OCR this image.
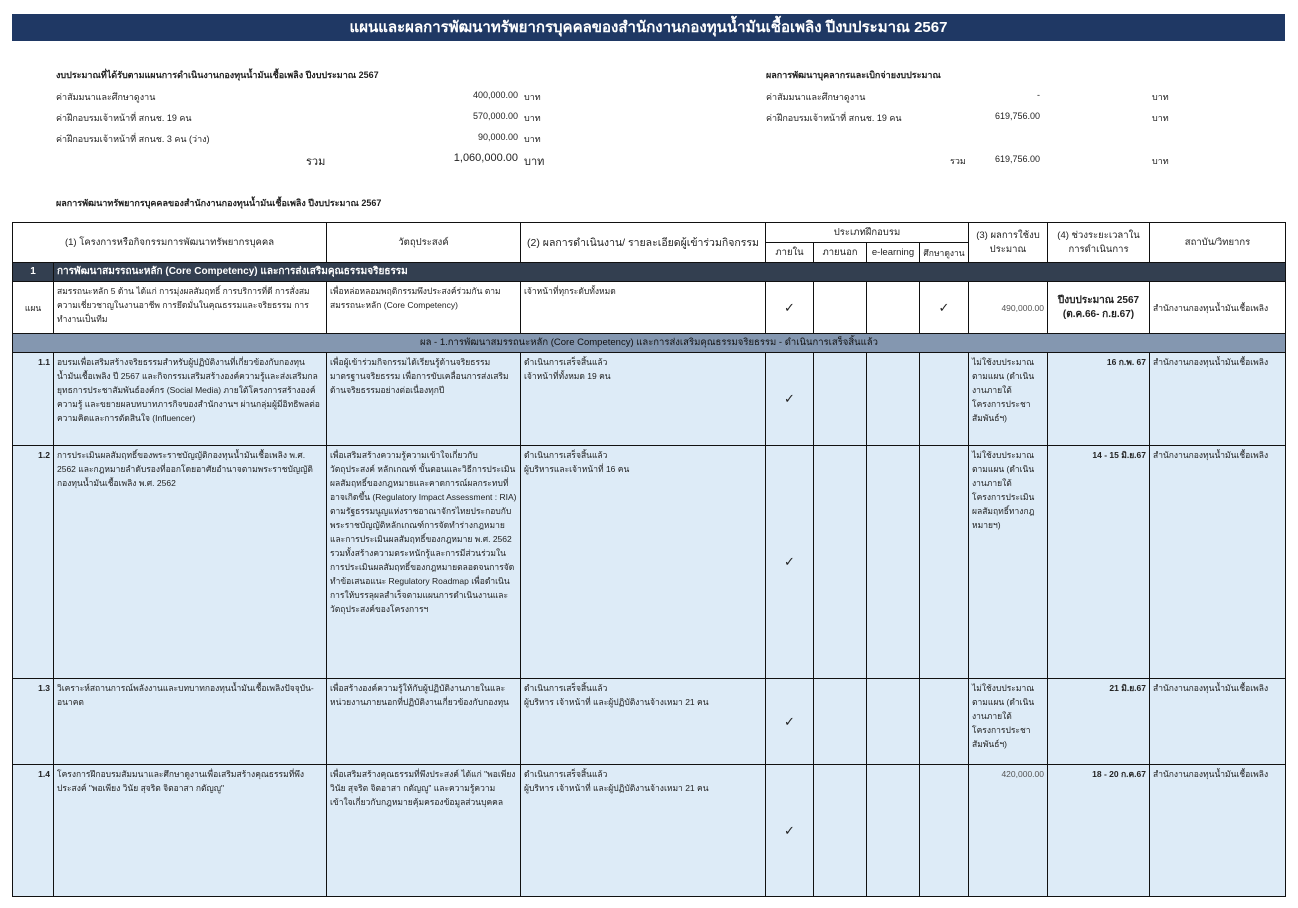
แผนและผลการพัฒนาทรัพยากรบุคคลของสำนักงานกองทุนน้ำมันเชื้อเพลิง ปีงบประมาณ 2567
งบประมาณที่ได้รับตามแผนการดำเนินงานกองทุนน้ำมันเชื้อเพลิง ปีงบประมาณ 2567
ค่าสัมมนาและศึกษาดูงาน	400,000.00 บาท
ค่าฝึกอบรมเจ้าหน้าที่ สกนช. 19 คน	570,000.00 บาท
ค่าฝึกอบรมเจ้าหน้าที่ สกนช. 3 คน (ว่าง)	90,000.00 บาท
รวม	1,060,000.00 บาท
ผลการพัฒนาบุคลากรและเบิกจ่ายงบประมาณ
ค่าสัมมนาและศึกษาดูงาน	-	บาท
ค่าฝึกอบรมเจ้าหน้าที่ สกนช. 19 คน	619,756.00	บาท
รวม	619,756.00	บาท
ผลการพัฒนาทรัพยากรบุคคลของสำนักงานกองทุนน้ำมันเชื้อเพลิง ปีงบประมาณ 2567
(1) โครงการหรือกิจกรรมการพัฒนาทรัพยากรบุคคล		วัตถุประสงค์	(2) ผลการดำเนินงาน/ รายละเอียดผู้เข้าร่วมกิจกรรม	ประเภทฝึกอบรม				(3) ผลการใช้งบประมาณ	(4) ช่วงระยะเวลาในการดำเนินการ	สถาบัน/วิทยากร
				ภายใน	ภายนอก	e-learning	ศึกษาดูงาน			
1	การพัฒนาสมรรถนะหลัก (Core Competency) และการส่งเสริมคุณธรรมจริยธรรม									
แผน	สมรรถนะหลัก 5 ด้าน ได้แก่ การมุ่งผลสัมฤทธิ์ การบริการที่ดี การสั่งสมความเชี่ยวชาญในงานอาชีพ การยึดมั่นในคุณธรรมและจริยธรรม การทำงานเป็นทีม	เพื่อหล่อหลอมพฤติกรรมพึงประสงค์ร่วมกัน ตามสมรรถนะหลัก (Core Competency)	เจ้าหน้าที่ทุกระดับทั้งหมด	✓			✓	490,000.00	ปีงบประมาณ 2567 (ต.ค.66- ก.ย.67)	สำนักงานกองทุนน้ำมันเชื้อเพลิง
ผล - 1.การพัฒนาสมรรถนะหลัก (Core Competency) และการส่งเสริมคุณธรรมจริยธรรม - ดำเนินการเสร็จสิ้นแล้ว										
1.1	อบรมเพื่อเสริมสร้างจริยธรรมสำหรับผู้ปฏิบัติงานที่เกี่ยวข้องกับกองทุนน้ำมันเชื้อเพลิง ปี 2567 และกิจกรรมเสริมสร้างองค์ความรู้และส่งเสริมกลยุทธการประชาสัมพันธ์องค์กร (Social Media) ภายใต้โครงการสร้างองค์ความรู้ และขยายผลบทบาทภารกิจของสำนักงานฯ ผ่านกลุ่มผู้มีอิทธิพลต่อความคิดและการตัดสินใจ (Influencer)	เพื่อผู้เข้าร่วมกิจกรรมได้เรียนรู้ด้านจริยธรรม มาตรฐานจริยธรรม เพื่อการขับเคลื่อนการส่งเสริมด้านจริยธรรมอย่างต่อเนื่องทุกปี	ดำเนินการเสร็จสิ้นแล้ว
เจ้าหน้าที่ทั้งหมด 19 คน	✓				ไม่ใช้งบประมาณตามแผน (ดำเนินงานภายใต้โครงการประชาสัมพันธ์ฯ)	16 ก.พ. 67	สำนักงานกองทุนน้ำมันเชื้อเพลิง
1.2	การประเมินผลสัมฤทธิ์ของพระราชบัญญัติกองทุนน้ำมันเชื้อเพลิง พ.ศ. 2562 และกฎหมายลำดับรองที่ออกโดยอาศัยอำนาจตามพระราชบัญญัติกองทุนน้ำมันเชื้อเพลิง พ.ศ. 2562	เพื่อเสริมสร้างความรู้ความเข้าใจเกี่ยวกับวัตถุประสงค์ หลักเกณฑ์ ขั้นตอนและวิธีการประเมินผลสัมฤทธิ์ของกฎหมายและคาดการณ์ผลกระทบที่อาจเกิดขึ้น (Regulatory Impact Assessment : RIA) ตามรัฐธรรมนูญแห่งราชอาณาจักรไทยประกอบกับพระราชบัญญัติหลักเกณฑ์การจัดทำร่างกฎหมายและการประเมินผลสัมฤทธิ์ของกฎหมาย พ.ศ. 2562 รวมทั้งสร้างความตระหนักรู้และการมีส่วนร่วมในการประเมินผลสัมฤทธิ์ของกฎหมายตลอดจนการจัดทำข้อเสนอแนะ Regulatory Roadmap เพื่อดำเนินการให้บรรลุผลสำเร็จตามแผนการดำเนินงานและวัตถุประสงค์ของโครงการฯ	ดำเนินการเสร็จสิ้นแล้ว
ผู้บริหารและเจ้าหน้าที่ 16 คน	✓				ไม่ใช้งบประมาณตามแผน (ดำเนินงานภายใต้โครงการประเมินผลสัมฤทธิ์ทางกฎหมายฯ)	14 - 15 มิ.ย.67	สำนักงานกองทุนน้ำมันเชื้อเพลิง
1.3	วิเคราะห์สถานการณ์พลังงานและบทบาทกองทุนน้ำมันเชื้อเพลิงปัจจุบัน-อนาคต	เพื่อสร้างองค์ความรู้ให้กับผู้ปฏิบัติงานภายในและหน่วยงานภายนอกที่ปฏิบัติงานเกี่ยวข้องกับกองทุน	ดำเนินการเสร็จสิ้นแล้ว
ผู้บริหาร เจ้าหน้าที่ และผู้ปฏิบัติงานจ้างเหมา 21 คน	✓				ไม่ใช้งบประมาณตามแผน (ดำเนินงานภายใต้โครงการประชาสัมพันธ์ฯ)	21 มิ.ย.67	สำนักงานกองทุนน้ำมันเชื้อเพลิง
1.4	โครงการฝึกอบรมสัมมนาและศึกษาดูงานเพื่อเสริมสร้างคุณธรรมที่พึงประสงค์ "พอเพียง วินัย สุจริต จิตอาสา กตัญญู"	เพื่อเสริมสร้างคุณธรรมที่พึงประสงค์ ได้แก่ "พอเพียง วินัย สุจริต จิตอาสา กตัญญู" และความรู้ความเข้าใจเกี่ยวกับกฎหมายคุ้มครองข้อมูลส่วนบุคคล	ดำเนินการเสร็จสิ้นแล้ว
ผู้บริหาร เจ้าหน้าที่ และผู้ปฏิบัติงานจ้างเหมา 21 คน	✓				420,000.00	18 - 20 ก.ค.67	สำนักงานกองทุนน้ำมันเชื้อเพลิง
